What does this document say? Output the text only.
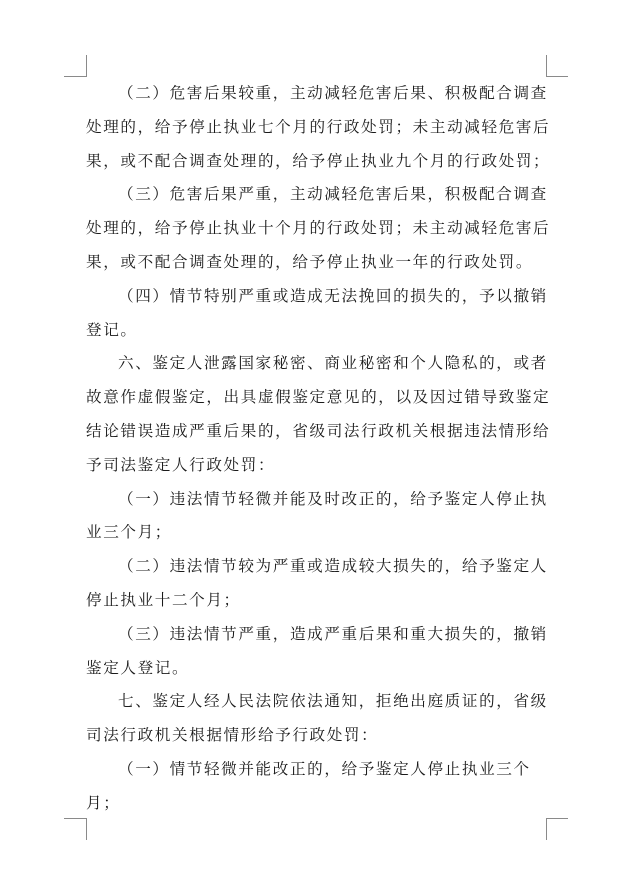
（二）危害后果较重，主动减轻危害后果、积极配合调查
处理的，给予停止执业七个月的行政处罚；未主动减轻危害后
果，或不配合调查处理的，给予停止执业九个月的行政处罚；

（三）危害后果严重，主动减轻危害后果，积极配合调查
处理的，给予停止执业十个月的行政处罚；未主动减轻危害后
果，或不配合调查处理的，给予停止执业一年的行政处罚。

（四）情节特别严重或造成无法挽回的损失的，予以撤销
登记。

六、鉴定人泄露国家秘密、商业秘密和个人隐私的，或者
故意作虚假鉴定，出具虚假鉴定意见的，以及因过错导致鉴定
结论错误造成严重后果的，省级司法行政机关根据违法情形给
予司法鉴定人行政处罚：

（一）违法情节轻微并能及时改正的，给予鉴定人停止执
业三个月；

（二）违法情节较为严重或造成较大损失的，给予鉴定人
停止执业十二个月；

（三）违法情节严重，造成严重后果和重大损失的，撤销
鉴定人登记。

七、鉴定人经人民法院依法通知，拒绝出庭质证的，省级
司法行政机关根据情形给予行政处罚：

（一）情节轻微并能改正的，给予鉴定人停止执业三个
月；
